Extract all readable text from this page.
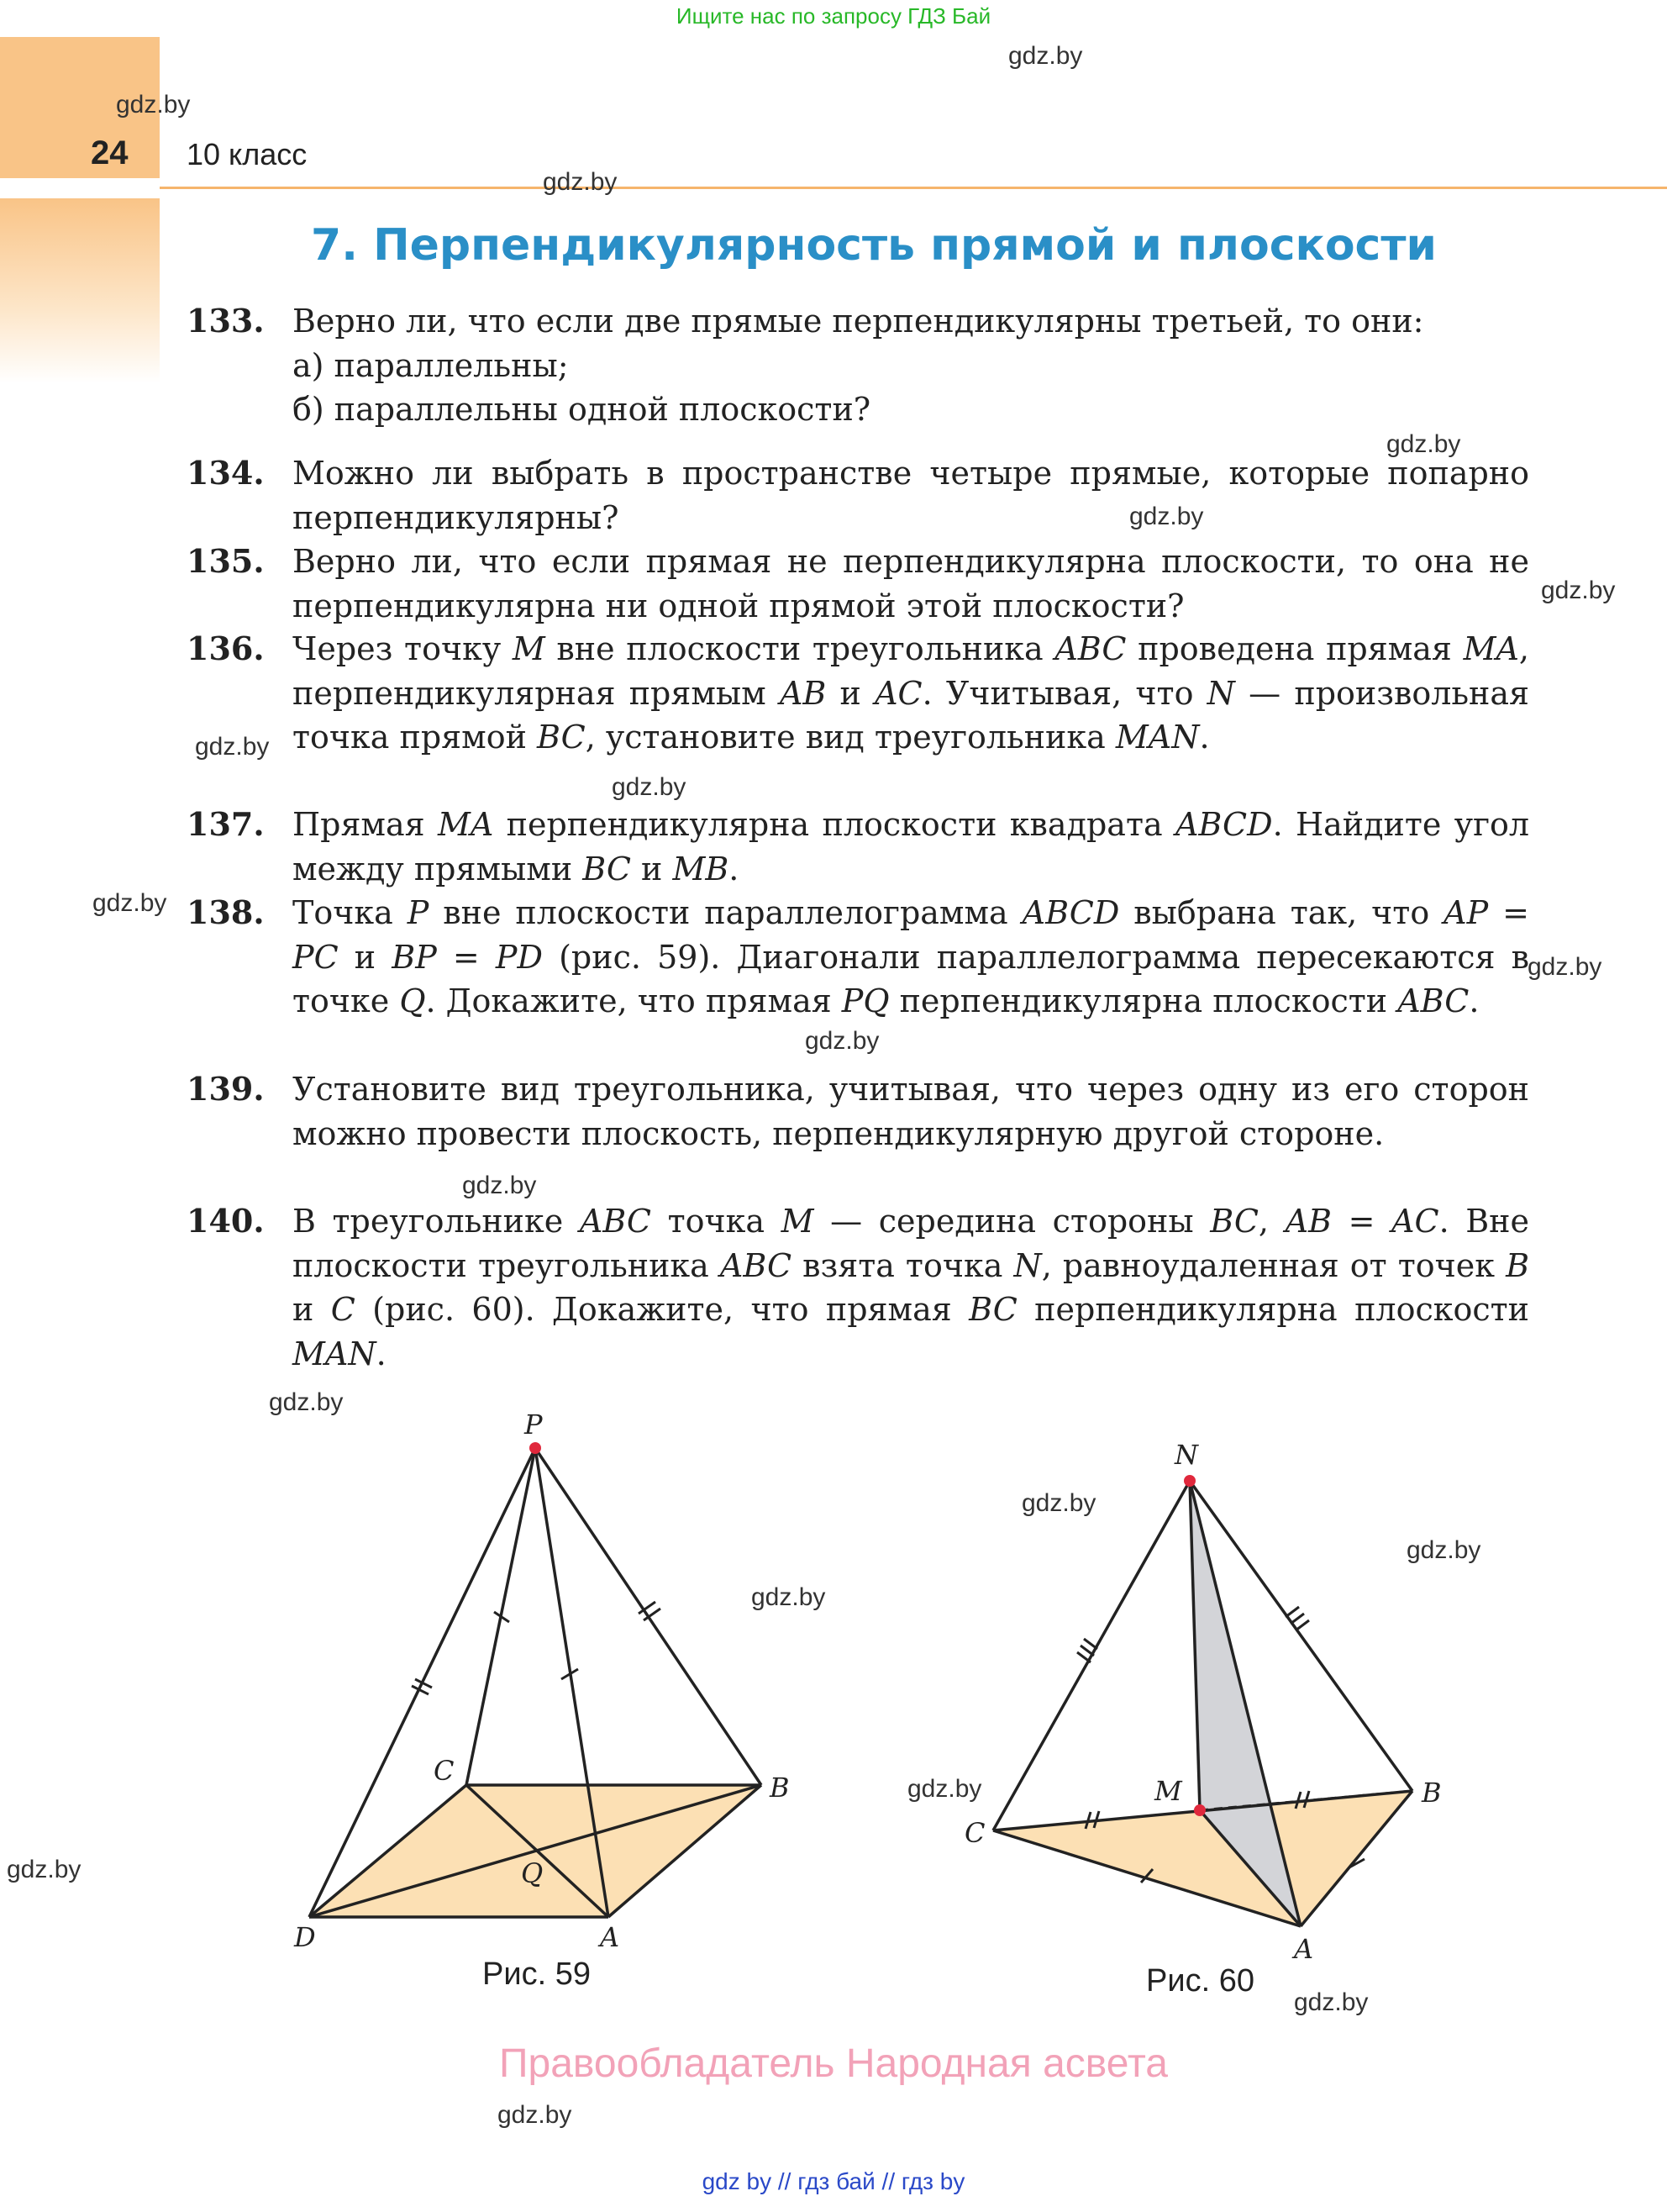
Ищите нас по запросу ГДЗ Бай
24 10 класс
gdz.by
gdz.by
gdz.by
gdz.by
gdz.by
gdz.by
gdz.by
gdz.by
gdz.by
gdz.by
gdz.by
gdz.by
gdz.by
gdz.by
gdz.by
gdz.by
gdz.by
gdz.by
gdz.by
gdz.by
7. Перпендикулярность прямой и плоскости
133. Верно ли, что если две прямые перпендикулярны третьей, то они:
а) параллельны;
б) параллельны одной плоскости?
134. Можно ли выбрать в пространстве четыре прямые, которые попарно перпендикулярны?
135. Верно ли, что если прямая не перпендикулярна плоскости, то она не перпендикулярна ни одной прямой этой плоскости?
136. Через точку M вне плоскости треугольника ABC проведена прямая MA, перпендикулярная прямым AB и AC. Учитывая, что N — произвольная точка прямой BC, установите вид треугольника MAN.
137. Прямая MA перпендикулярна плоскости квадрата ABCD. Найдите угол между прямыми BC и MB.
138. Точка P вне плоскости параллелограмма ABCD выбрана так, что AP = PC и BP = PD (рис. 59). Диагонали параллелограмма пересекаются в точке Q. Докажите, что прямая PQ перпендикулярна плоскости ABC.
139. Установите вид треугольника, учитывая, что через одну из его сторон можно провести плоскость, перпендикулярную другой стороне.
140. В треугольнике ABC точка M — середина стороны BC, AB = AC. Вне плоскости треугольника ABC взята точка N, равноудаленная от точек B и C (рис. 60). Докажите, что прямая BC перпендикулярна плоскости MAN.
P
C
B
Q
D	A
Рис. 59
N
M
C
B
A
Рис. 60
Правообладатель Народная асвета
gdz by // гдз бай // гдз by
